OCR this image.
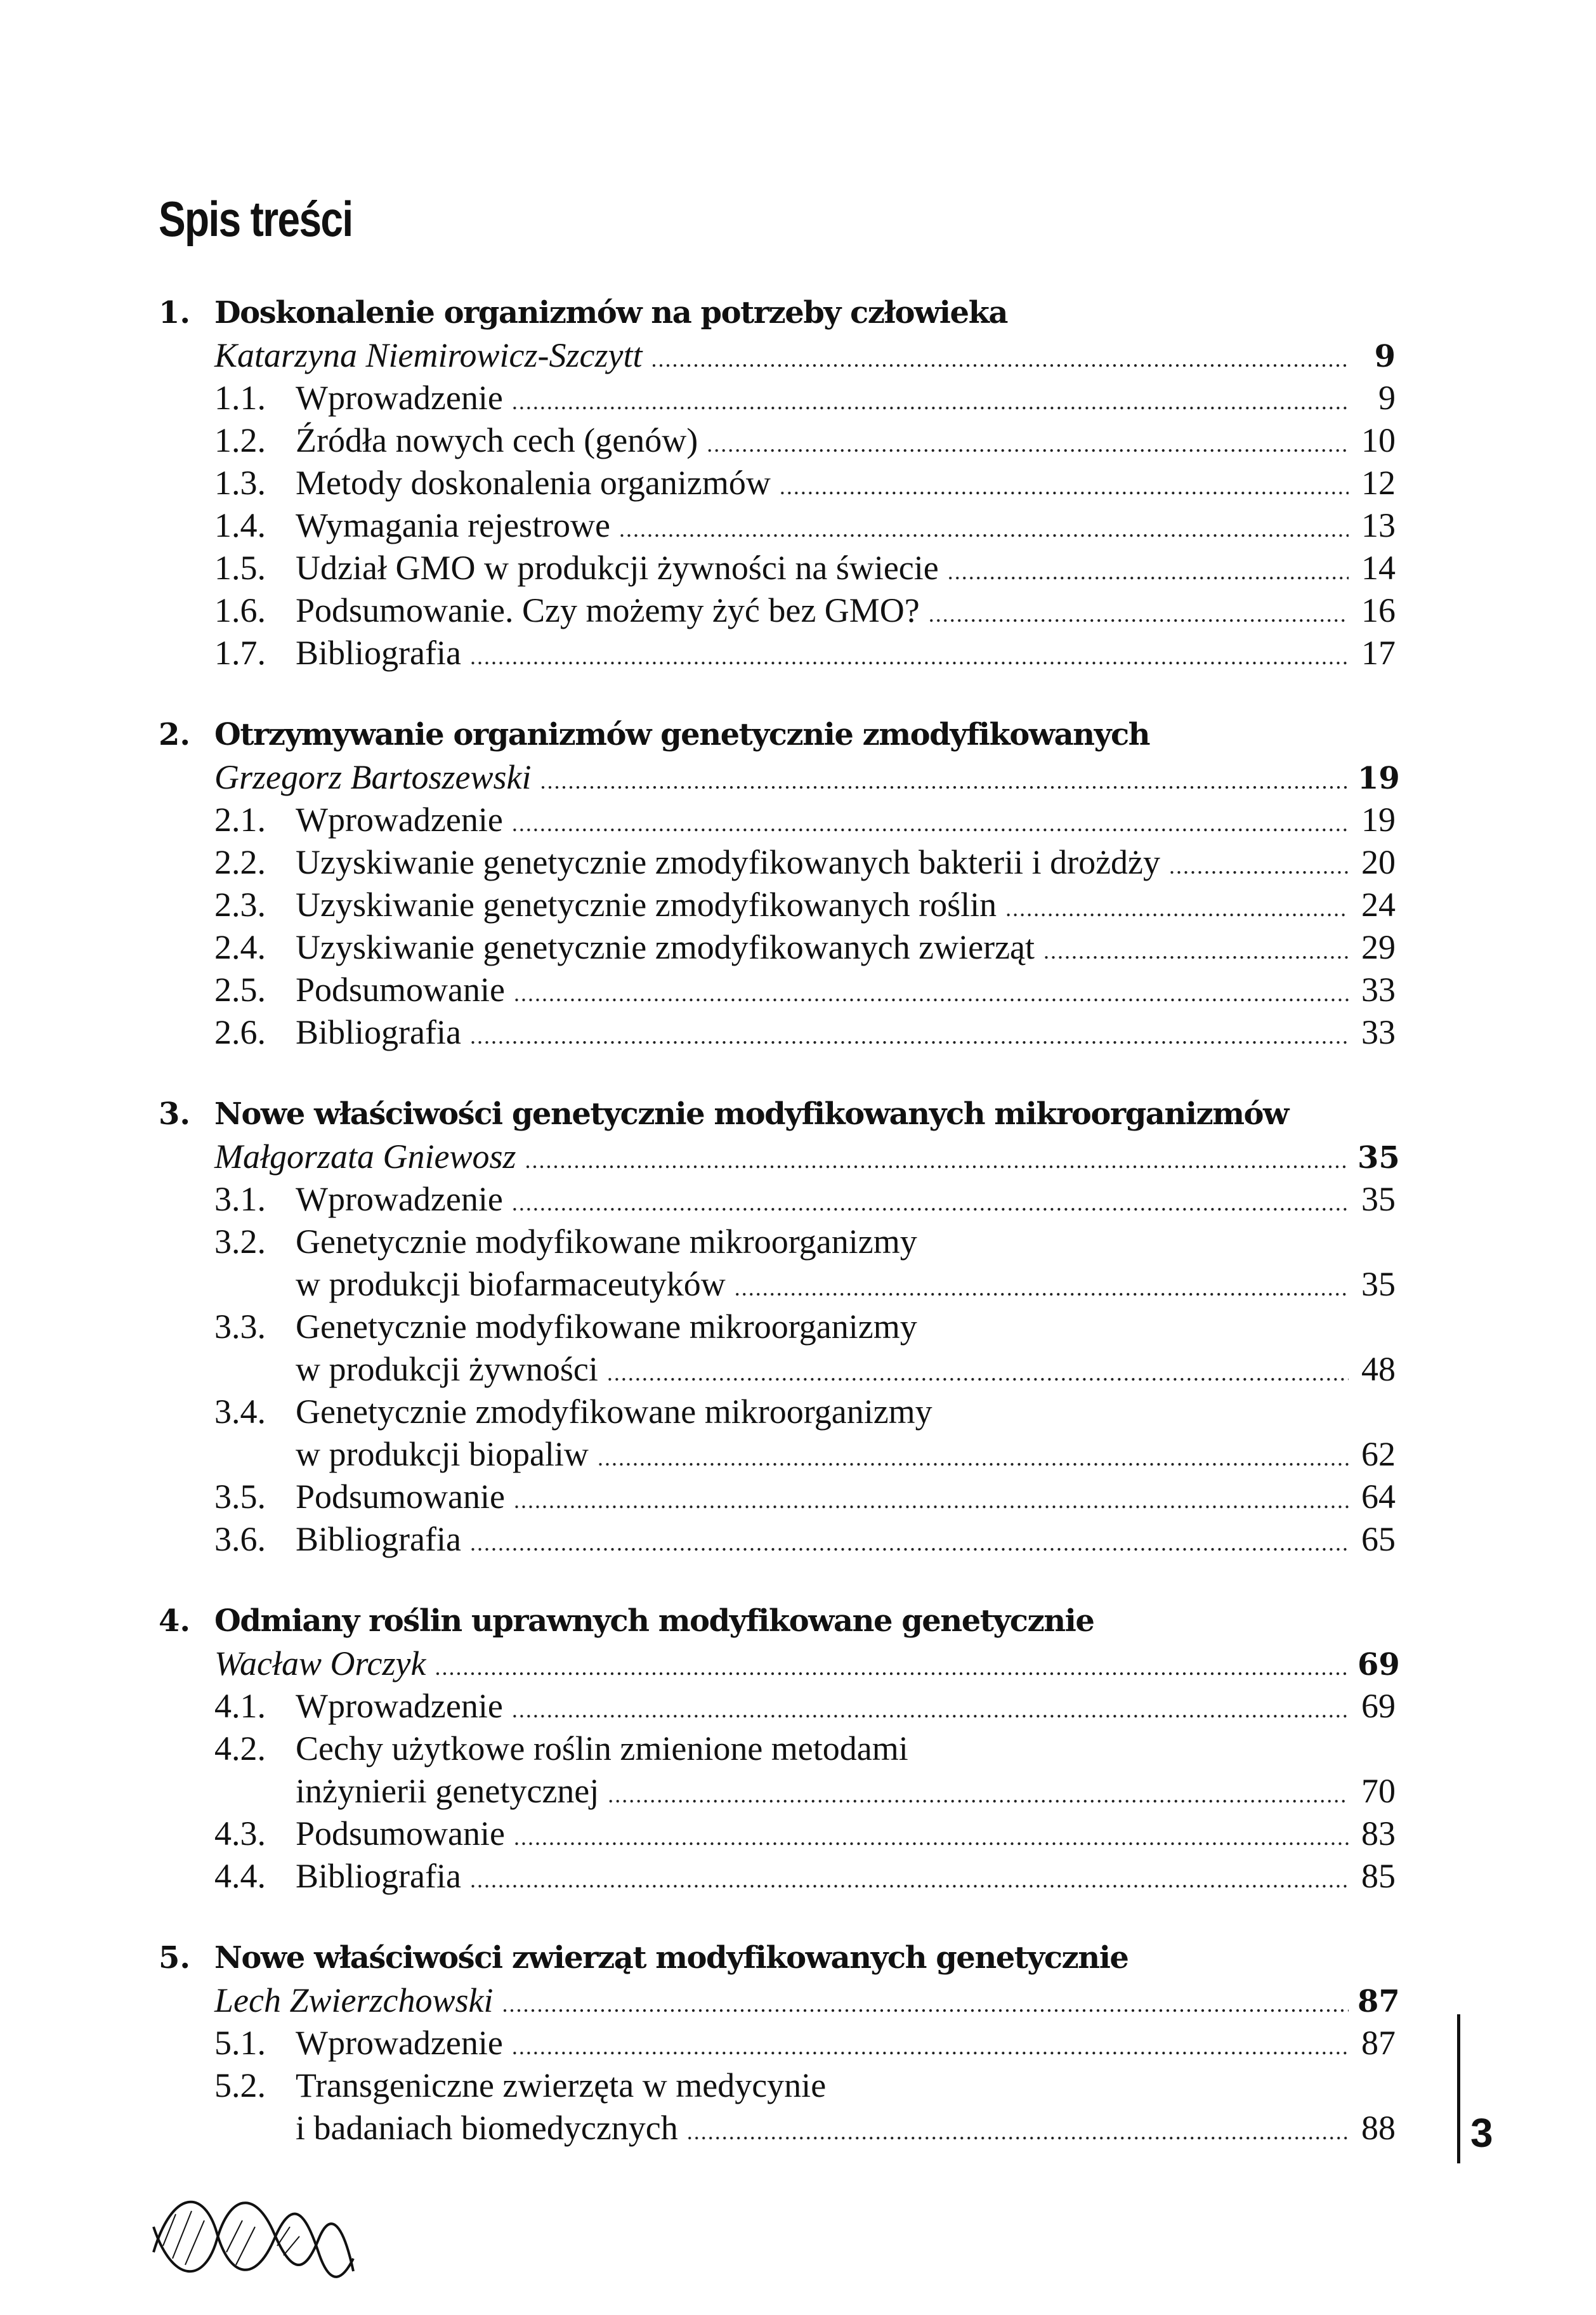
Spis treści
1. Doskonalenie organizmów na potrzeby człowieka
Katarzyna Niemirowicz-Szczytt .....	9
1.1. Wprowadzenie .....	9
1.2. Źródła nowych cech (genów) .....	10
1.3. Metody doskonalenia organizmów .....	12
1.4. Wymagania rejestrowe .....	13
1.5. Udział GMO w produkcji żywności na świecie .....	14
1.6. Podsumowanie. Czy możemy żyć bez GMO? .....	16
1.7. Bibliografia .....	17
2. Otrzymywanie organizmów genetycznie zmodyfikowanych
Grzegorz Bartoszewski .....	19
2.1. Wprowadzenie .....	19
2.2. Uzyskiwanie genetycznie zmodyfikowanych bakterii i drożdży .....	20
2.3. Uzyskiwanie genetycznie zmodyfikowanych roślin .....	24
2.4. Uzyskiwanie genetycznie zmodyfikowanych zwierząt .....	29
2.5. Podsumowanie .....	33
2.6. Bibliografia .....	33
3. Nowe właściwości genetycznie modyfikowanych mikroorganizmów
Małgorzata Gniewosz .....	35
3.1. Wprowadzenie .....	35
3.2. Genetycznie modyfikowane mikroorganizmy
w produkcji biofarmaceutyków .....	35
3.3. Genetycznie modyfikowane mikroorganizmy
w produkcji żywności .....	48
3.4. Genetycznie zmodyfikowane mikroorganizmy
w produkcji biopaliw .....	62
3.5. Podsumowanie .....	64
3.6. Bibliografia .....	65
4. Odmiany roślin uprawnych modyfikowane genetycznie
Wacław Orczyk .....	69
4.1. Wprowadzenie .....	69
4.2. Cechy użytkowe roślin zmienione metodami
inżynierii genetycznej .....	70
4.3. Podsumowanie .....	83
4.4. Bibliografia .....	85
5. Nowe właściwości zwierząt modyfikowanych genetycznie
Lech Zwierzchowski .....	87
5.1. Wprowadzenie .....	87
5.2. Transgeniczne zwierzęta w medycynie
i badaniach biomedycznych .....	88 3
